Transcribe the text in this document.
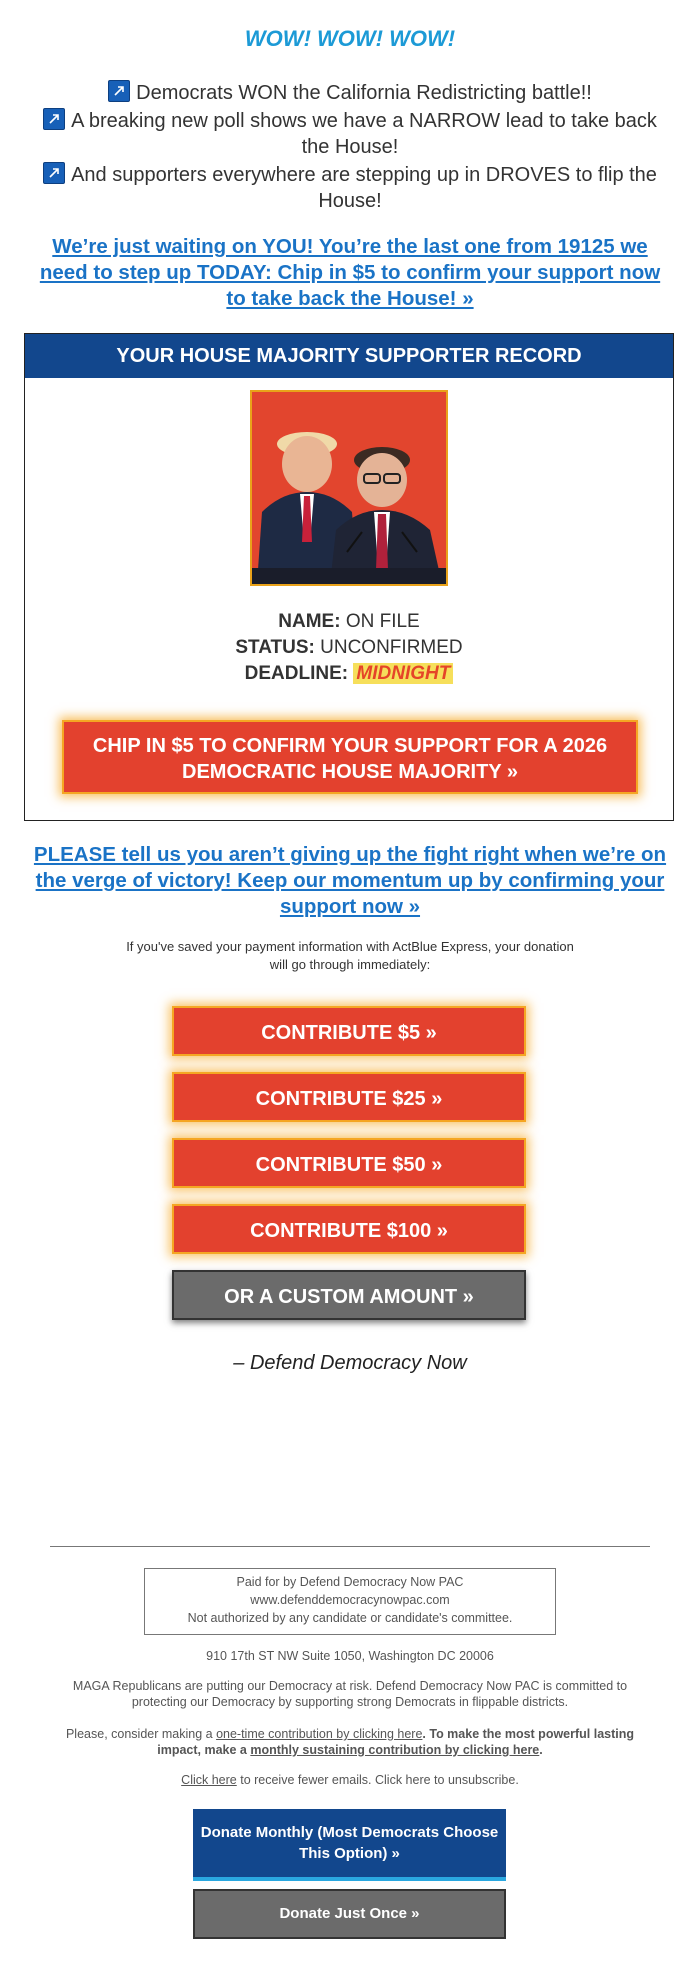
WOW! WOW! WOW!

Democrats WON the California Redistricting battle!!

A breaking new poll shows we have a NARROW lead to take back the House!

And supporters everywhere are stepping up in DROVES to flip the House!

We’re just waiting on YOU! You’re the last one from 19125 we need to step up TODAY: Chip in $5 to confirm your support now to take back the House! »
YOUR HOUSE MAJORITY SUPPORTER RECORD
NAME: ON FILE
STATUS: UNCONFIRMED
DEADLINE: MIDNIGHT
CHIP IN $5 TO CONFIRM YOUR SUPPORT FOR A 2026 DEMOCRATIC HOUSE MAJORITY »
PLEASE tell us you aren’t giving up the fight right when we’re on the verge of victory! Keep our momentum up by confirming your support now »
If you've saved your payment information with ActBlue Express, your donation will go through immediately:
CONTRIBUTE $5 »
CONTRIBUTE $25 »
CONTRIBUTE $50 »
CONTRIBUTE $100 »
OR A CUSTOM AMOUNT »
– Defend Democracy Now
Paid for by Defend Democracy Now PAC
www.defenddemocracynowpac.com
Not authorized by any candidate or candidate's committee.
910 17th ST NW Suite 1050, Washington DC 20006
MAGA Republicans are putting our Democracy at risk. Defend Democracy Now PAC is committed to protecting our Democracy by supporting strong Democrats in flippable districts.
Please, consider making a one-time contribution by clicking here. To make the most powerful lasting impact, make a monthly sustaining contribution by clicking here.
Click here to receive fewer emails. Click here to unsubscribe.
Donate Monthly (Most Democrats Choose This Option) »
Donate Just Once »
